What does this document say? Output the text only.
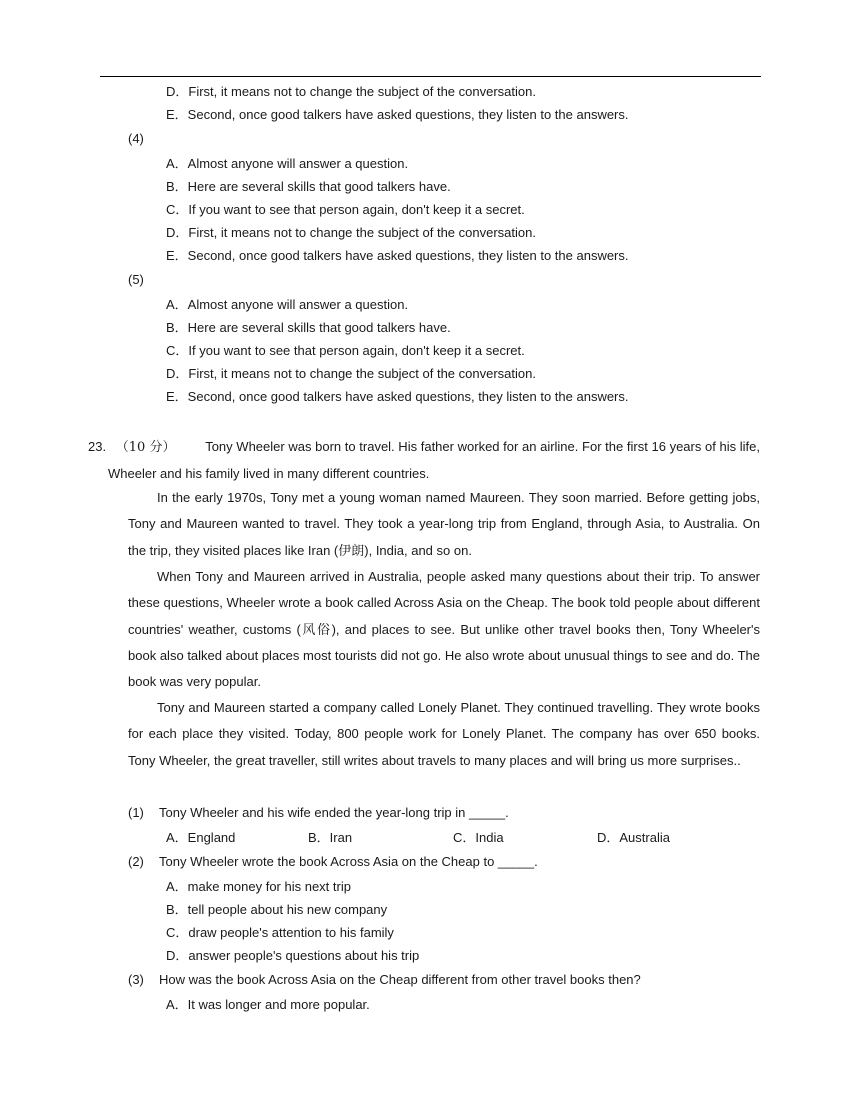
D．First, it means not to change the subject of the conversation.
E．Second, once good talkers have asked questions, they listen to the answers.
(4)
A．Almost anyone will answer a question.
B．Here are several skills that good talkers have.
C．If you want to see that person again, don't keep it a secret.
D．First, it means not to change the subject of the conversation.
E．Second, once good talkers have asked questions, they listen to the answers.
(5)
A．Almost anyone will answer a question.
B．Here are several skills that good talkers have.
C．If you want to see that person again, don't keep it a secret.
D．First, it means not to change the subject of the conversation.
E．Second, once good talkers have asked questions, they listen to the answers.
23. （10 分） Tony Wheeler was born to travel. His father worked for an airline. For the first 16 years of his life, Wheeler and his family lived in many different countries.
In the early 1970s, Tony met a young woman named Maureen. They soon married. Before getting jobs, Tony and Maureen wanted to travel. They took a year-long trip from England, through Asia, to Australia. On the trip, they visited places like Iran (伊朗), India, and so on.
When Tony and Maureen arrived in Australia, people asked many questions about their trip. To answer these questions, Wheeler wrote a book called Across Asia on the Cheap. The book told people about different countries' weather, customs (风俗), and places to see. But unlike other travel books then, Tony Wheeler's book also talked about places most tourists did not go. He also wrote about unusual things to see and do. The book was very popular.
Tony and Maureen started a company called Lonely Planet. They continued travelling. They wrote books for each place they visited. Today, 800 people work for Lonely Planet. The company has over 650 books. Tony Wheeler, the great traveller, still writes about travels to many places and will bring us more surprises..
(1) Tony Wheeler and his wife ended the year-long trip in _____.
A．England	B．Iran	C．India	D．Australia
(2) Tony Wheeler wrote the book Across Asia on the Cheap to _____.
A．make money for his next trip
B．tell people about his new company
C．draw people's attention to his family
D．answer people's questions about his trip
(3) How was the book Across Asia on the Cheap different from other travel books then?
A．It was longer and more popular.
